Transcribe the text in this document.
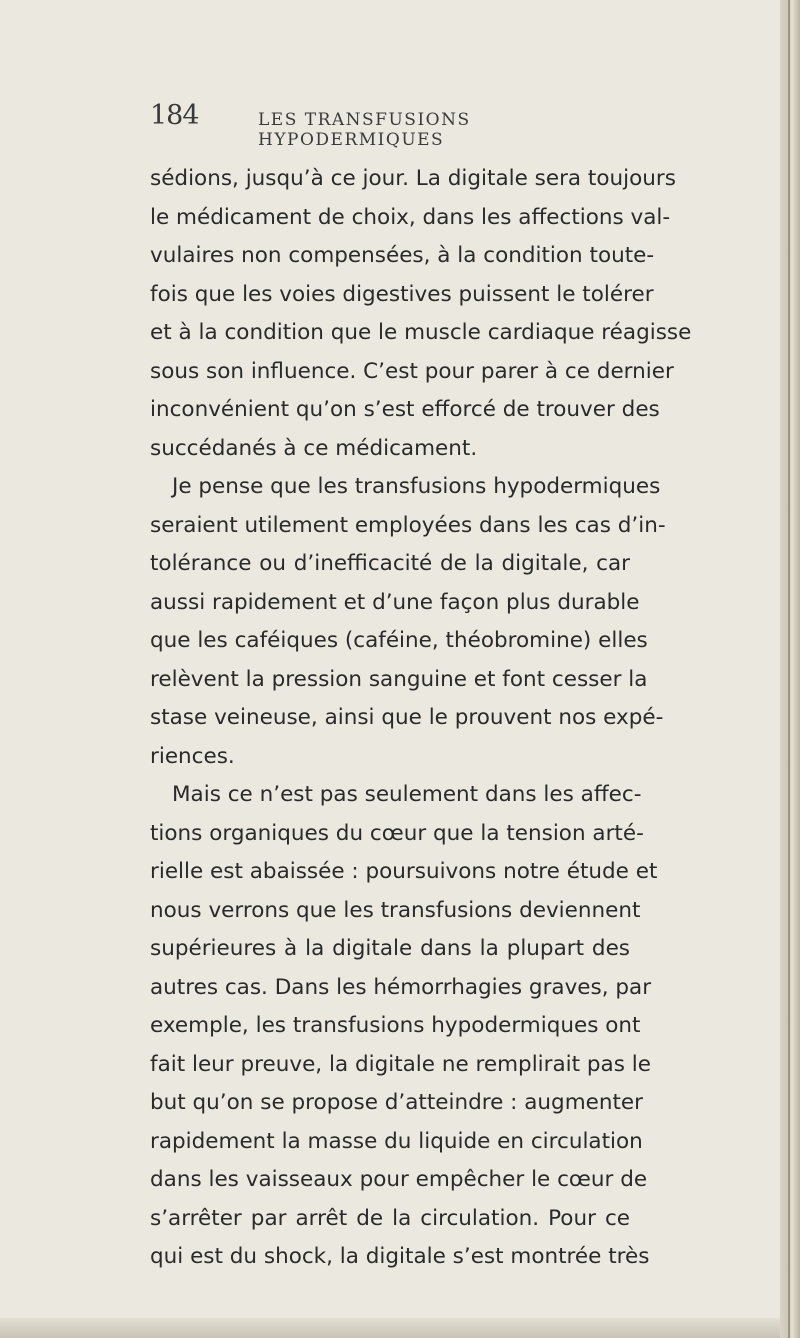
184	LES TRANSFUSIONS HYPODERMIQUES
sédions, jusqu’à ce jour. La digitale sera toujours
le médicament de choix, dans les affections val-
vulaires non compensées, à la condition toute-
fois que les voies digestives puissent le tolérer
et à la condition que le muscle cardiaque réagisse
sous son influence. C’est pour parer à ce dernier
inconvénient qu’on s’est efforcé de trouver des
succédanés à ce médicament.
Je pense que les transfusions hypodermiques
seraient utilement employées dans les cas d’in-
tolérance ou d’inefficacité de la digitale, car
aussi rapidement et d’une façon plus durable
que les caféiques (caféine, théobromine) elles
relèvent la pression sanguine et font cesser la
stase veineuse, ainsi que le prouvent nos expé-
riences.
Mais ce n’est pas seulement dans les affec-
tions organiques du cœur que la tension arté-
rielle est abaissée : poursuivons notre étude et
nous verrons que les transfusions deviennent
supérieures à la digitale dans la plupart des
autres cas. Dans les hémorrhagies graves, par
exemple, les transfusions hypodermiques ont
fait leur preuve, la digitale ne remplirait pas le
but qu’on se propose d’atteindre : augmenter
rapidement la masse du liquide en circulation
dans les vaisseaux pour empêcher le cœur de
s’arrêter par arrêt de la circulation. Pour ce
qui est du shock, la digitale s’est montrée très
